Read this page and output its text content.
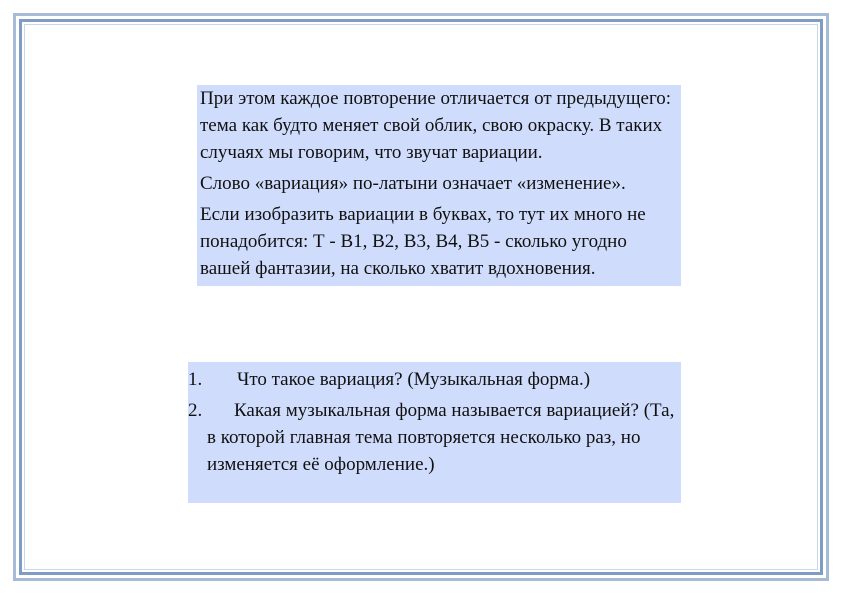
При этом каждое повторение отличается от предыдущего: тема как будто меняет свой облик, свою окраску. В таких случаях мы говорим, что звучат вариации.

Слово «вариация» по-латыни означает «изменение».

Если изобразить вариации в буквах, то тут их много не понадобится: Т - В1, В2, В3, В4, В5 - сколько угодно вашей фантазии, на сколько хватит вдохновения.

1. Что такое вариация? (Музыкальная форма.)
2.	Какая музыкальная форма называется вариацией? (Та, в которой главная тема повторяется несколько раз, но изменяется её оформление.)
